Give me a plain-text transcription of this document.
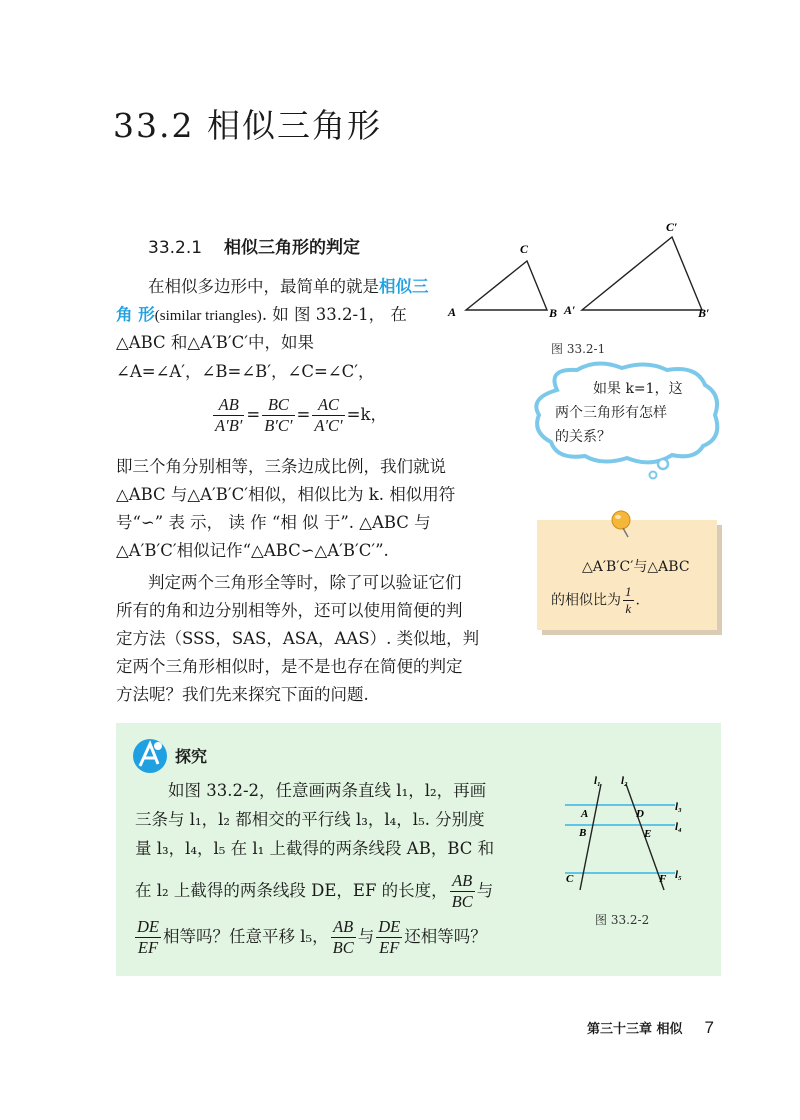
33.2 相似三角形
33.2.1 相似三角形的判定
在相似多边形中，最简单的就是相似三
角 形(similar triangles). 如 图 33.2-1， 在
△ABC 和△A′B′C′中，如果
∠A=∠A′，∠B=∠B′，∠C=∠C′，
$\frac{AB}{A'B'} = \frac{BC}{B'C'} = \frac{AC}{A'C'} =k$，
即三个角分别相等，三条边成比例，我们就说
△ABC 与△A′B′C′相似，相似比为 k. 相似用符
号“∽” 表 示， 读 作 “相 似 于”. △ABC 与
△A′B′C′相似记作“△ABC∽△A′B′C′”.
判定两个三角形全等时，除了可以验证它们
所有的角和边分别相等外，还可以使用简便的判
定方法（SSS，SAS，ASA，AAS）. 类似地，判
定两个三角形相似时，是不是也存在简便的判定
方法呢？我们先来探究下面的问题.
A	B
C
A′	B′
C′
图 33.2-1
如果 k=1，这
两个三角形有怎样
的关系？
△A′B′C′与△ABC
的相似比为 $\frac{1}{k}$ .
探究
如图 33.2-2，任意画两条直线 l₁，l₂，再画
三条与 l₁，l₂ 都相交的平行线 l₃，l₄，l₅. 分别度
量 l₃，l₄，l₅ 在 l₁ 上截得的两条线段 AB，BC 和
在 l₂ 上截得的两条线段 DE，EF 的长度， $\frac{AB}{BC}$ 与
$\frac{DE}{EF}$ 相等吗？任意平移 l₅， $\frac{AB}{BC}$ 与 $\frac{DE}{EF}$ 还相等吗？
l₁ l₂
l₃
l₄
l₅
A
B
C
D
E
F
图 33.2-2
第三十三章 相似 7
